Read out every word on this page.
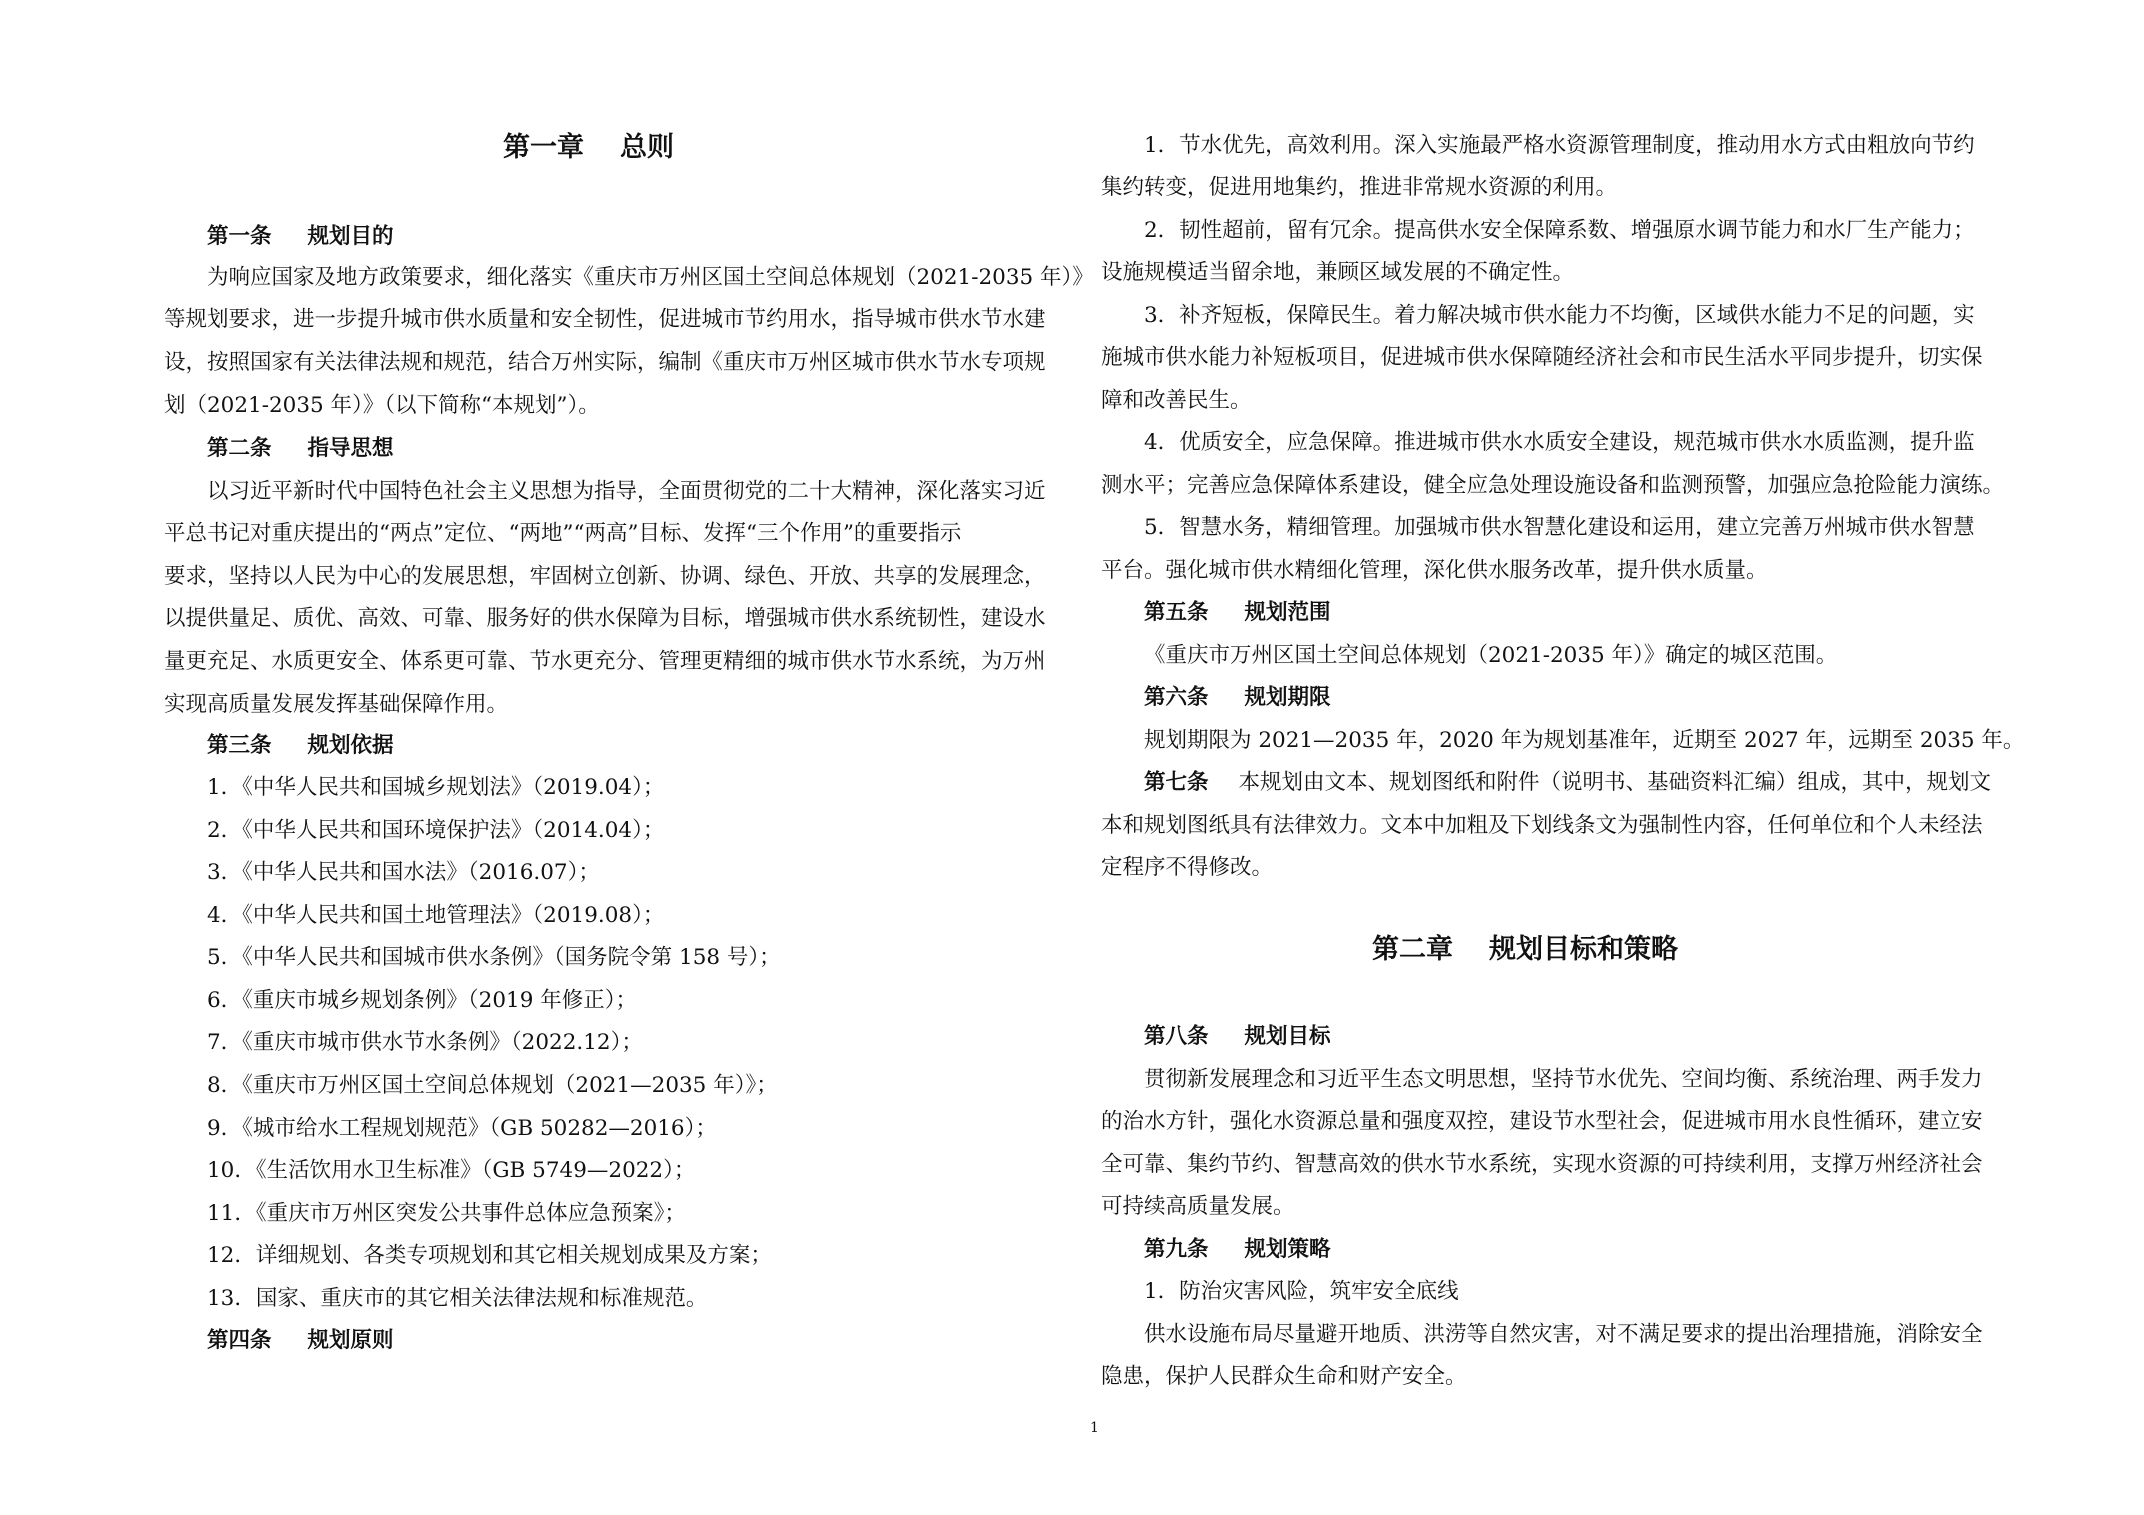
第一章 总则
第一条 规划目的
为响应国家及地方政策要求，细化落实《重庆市万州区国土空间总体规划（2021-2035 年）》
等规划要求，进一步提升城市供水质量和安全韧性，促进城市节约用水，指导城市供水节水建
设，按照国家有关法律法规和规范，结合万州实际，编制《重庆市万州区城市供水节水专项规
划（2021-2035 年）》（以下简称“本规划”）。
第二条 指导思想
以习近平新时代中国特色社会主义思想为指导，全面贯彻党的二十大精神，深化落实习近
平总书记对重庆提出的“两点”定位、“两地”“两高”目标、发挥“三个作用”的重要指示
要求，坚持以人民为中心的发展思想，牢固树立创新、协调、绿色、开放、共享的发展理念，
以提供量足、质优、高效、可靠、服务好的供水保障为目标，增强城市供水系统韧性，建设水
量更充足、水质更安全、体系更可靠、节水更充分、管理更精细的城市供水节水系统，为万州
实现高质量发展发挥基础保障作用。
第三条 规划依据
1．《中华人民共和国城乡规划法》（2019.04）；
2．《中华人民共和国环境保护法》（2014.04）；
3．《中华人民共和国水法》（2016.07）；
4．《中华人民共和国土地管理法》（2019.08）；
5．《中华人民共和国城市供水条例》（国务院令第 158 号）；
6．《重庆市城乡规划条例》（2019 年修正）；
7．《重庆市城市供水节水条例》（2022.12）；
8．《重庆市万州区国土空间总体规划（2021—2035 年）》；
9．《城市给水工程规划规范》（GB 50282—2016）；
10．《生活饮用水卫生标准》（GB 5749—2022）；
11．《重庆市万州区突发公共事件总体应急预案》；
12．详细规划、各类专项规划和其它相关规划成果及方案；
13．国家、重庆市的其它相关法律法规和标准规范。
第四条 规划原则
1．节水优先，高效利用。深入实施最严格水资源管理制度，推动用水方式由粗放向节约
集约转变，促进用地集约，推进非常规水资源的利用。
2．韧性超前，留有冗余。提高供水安全保障系数、增强原水调节能力和水厂生产能力；
设施规模适当留余地，兼顾区域发展的不确定性。
3．补齐短板，保障民生。着力解决城市供水能力不均衡，区域供水能力不足的问题，实
施城市供水能力补短板项目，促进城市供水保障随经济社会和市民生活水平同步提升，切实保
障和改善民生。
4．优质安全，应急保障。推进城市供水水质安全建设，规范城市供水水质监测，提升监
测水平；完善应急保障体系建设，健全应急处理设施设备和监测预警，加强应急抢险能力演练。
5．智慧水务，精细管理。加强城市供水智慧化建设和运用，建立完善万州城市供水智慧
平台。强化城市供水精细化管理，深化供水服务改革，提升供水质量。
第五条 规划范围
《重庆市万州区国土空间总体规划（2021-2035 年）》确定的城区范围。
第六条 规划期限
规划期限为 2021—2035 年，2020 年为规划基准年，近期至 2027 年，远期至 2035 年。
第七条 本规划由文本、规划图纸和附件（说明书、基础资料汇编）组成，其中，规划文
本和规划图纸具有法律效力。文本中加粗及下划线条文为强制性内容，任何单位和个人未经法
定程序不得修改。
第二章 规划目标和策略
第八条 规划目标
贯彻新发展理念和习近平生态文明思想，坚持节水优先、空间均衡、系统治理、两手发力
的治水方针，强化水资源总量和强度双控，建设节水型社会，促进城市用水良性循环，建立安
全可靠、集约节约、智慧高效的供水节水系统，实现水资源的可持续利用，支撑万州经济社会
可持续高质量发展。
第九条 规划策略
1．防治灾害风险，筑牢安全底线
供水设施布局尽量避开地质、洪涝等自然灾害，对不满足要求的提出治理措施，消除安全
隐患，保护人民群众生命和财产安全。
1
